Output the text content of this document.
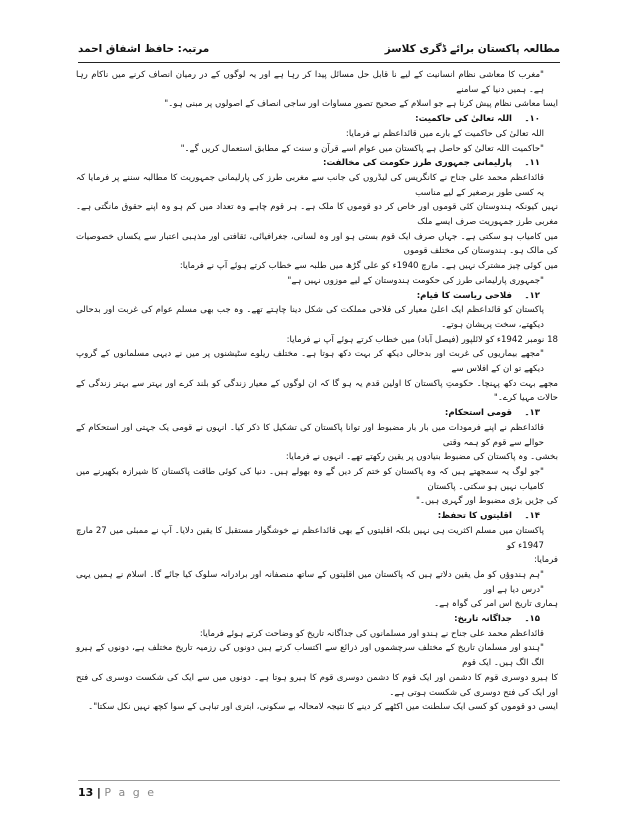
مطالعہ پاکستان برائے ڈگری کلاسز
مرتبہ: حافظ اشفاق احمد

"مغرب کا معاشی نظام انسانیت کے لیے نا قابل حل مسائل پیدا کر رہا ہے اور یہ لوگوں کے در رمیان انصاف کرنے میں ناکام رہا ہے۔ ہمیں دنیا کے سامنے

ایسا معاشی نظام پیش کرنا ہے جو اسلام کے صحیح تصورِ مساوات اور ساجی انصاف کے اصولوں پر مبنی ہو۔"

۱۰۔اللہ تعالیٰ کی حاکمیت:

اللہ تعالیٰ کی حاکمیت کے بارے میں قائداعظم نے فرمایا:

"حاکمیت اللہ تعالیٰ کو حاصل ہے پاکستان میں عوام اسے قرآن و سنت کے مطابق استعمال کریں گے۔"

۱۱۔پارلیمانی جمہوری طرز حکومت کی مخالفت:

قائداعظم محمد علی جناح نے کانگریس کی لیڈروں کی جانب سے مغربی طرز کی پارلیمانی جمہوریت کا مطالبہ سننے پر فرمایا کہ یہ کسی طور برصغیر کے لیے مناسب

نہیں کیونکہ ہندوستان کئی قوموں اور خاص کر دو قوموں کا ملک ہے۔ ہر قوم چاہے وہ تعداد میں کم ہو وہ اپنے حقوق مانگتی ہے۔ مغربی طرز جمہوریت صرف ایسے ملک

میں کامیاب ہو سکتی ہے۔ جہاں صرف ایک قوم بستی ہو اور وہ لسانی، جغرافیائی، ثقافتی اور مذہبی اعتبار سے یکساں خصوصیات کی مالک ہو۔ ہندوستان کی مختلف قوموں

میں کوئی چیز مشترک نہیں ہے۔ مارچ 1940ء کو علی گڑھ میں طلبہ سے خطاب کرتے ہوئے آپ نے فرمایا:

"جمہوری پارلیمانی طرز کی حکومت ہندوستان کے لیے موزوں نہیں ہے"

۱۲۔فلاحی ریاست کا قیام:

پاکستان کو قائداعظم ایک اعلیٰ معیار کی فلاحی مملکت کی شکل دینا چاہتے تھے۔ وہ جب بھی مسلم عوام کی غربت اور بدحالی دیکھتے، سخت پریشان ہوتے۔

18 نومبر 1942ء کو لائلپور (فیصل آباد) میں خطاب کرتے ہوئے آپ نے فرمایا:

"مجھے بیماریوں کی غربت اور بدحالی دیکھ کر بہت دکھ ہوتا ہے۔ مختلف ریلوے سٹیشنوں پر میں نے دیہی مسلمانوں کے گروپ دیکھے تو ان کے افلاس سے

مجھے بہت دکھ پہنچا۔ حکومتِ پاکستان کا اولین قدم یہ ہو گا کہ ان لوگوں کے معیار زندگی کو بلند کرے اور بہتر سے بہتر زندگی کے حالات مہیا کرے۔"

۱۳۔قومی استحکام:

قائداعظم نے اپنے فرمودات میں بار بار مضبوط اور توانا پاکستان کی تشکیل کا ذکر کیا۔ انہوں نے قومی یک جہتی اور استحکام کے حوالے سے قوم کو ہمہ وقتی

بخشی۔ وہ پاکستان کی مضبوط بنیادوں پر یقین رکھتے تھے۔ انہوں نے فرمایا:

"جو لوگ یہ سمجھتے ہیں کہ وہ پاکستان کو ختم کر دیں گے وہ بھولے ہیں۔ دنیا کی کوئی طاقت پاکستان کا شیرازہ بکھیرنے میں کامیاب نہیں ہو سکتی۔ پاکستان

کی جڑیں بڑی مضبوط اور گہری ہیں۔"

۱۴۔اقلیتوں کا تحفظ:

پاکستان میں مسلم اکثریت ہی نہیں بلکہ اقلیتوں کے بھی قائداعظم نے خوشگوار مستقبل کا یقین دلایا۔ آپ نے ممبئی میں 27 مارچ 1947ء کو

فرمایا:

"ہم ہندوؤں کو مل یقین دلاتے ہیں کہ پاکستان میں اقلیتوں کے ساتھ منصفانہ اور برادرانہ سلوک کیا جائے گا۔ اسلام نے ہمیں یہی "درس دیا ہے اور

ہماری تاریخ اس امر کی گواہ ہے۔

۱۵۔جداگانہ تاریخ:

قائداعظم محمد علی جناح نے ہندو اور مسلمانوں کی جداگانہ تاریخ کو وضاحت کرتے ہوئے فرمایا:

"ہندو اور مسلمان تاریخ کے مختلف سرچشموں اور ذرائع سے اکتساب کرتے ہیں دونوں کی رزمیہ تاریخ مختلف ہے، دونوں کے ہیرو الگ الگ ہیں۔ ایک قوم

کا ہیرو دوسری قوم کا دشمن اور ایک قوم کا دشمن دوسری قوم کا ہیرو ہوتا ہے۔ دونوں میں سے ایک کی شکست دوسری کی فتح اور ایک کی فتح دوسری کی شکست ہوتی ہے۔

ایسی دو قوموں کو کسی ایک سلطنت میں اکٹھے کر دینے کا نتیجہ لامحالہ بے سکونی، ابتری اور تباہی کے سوا کچھ نہیں نکل سکتا"۔

13 | P a g e
